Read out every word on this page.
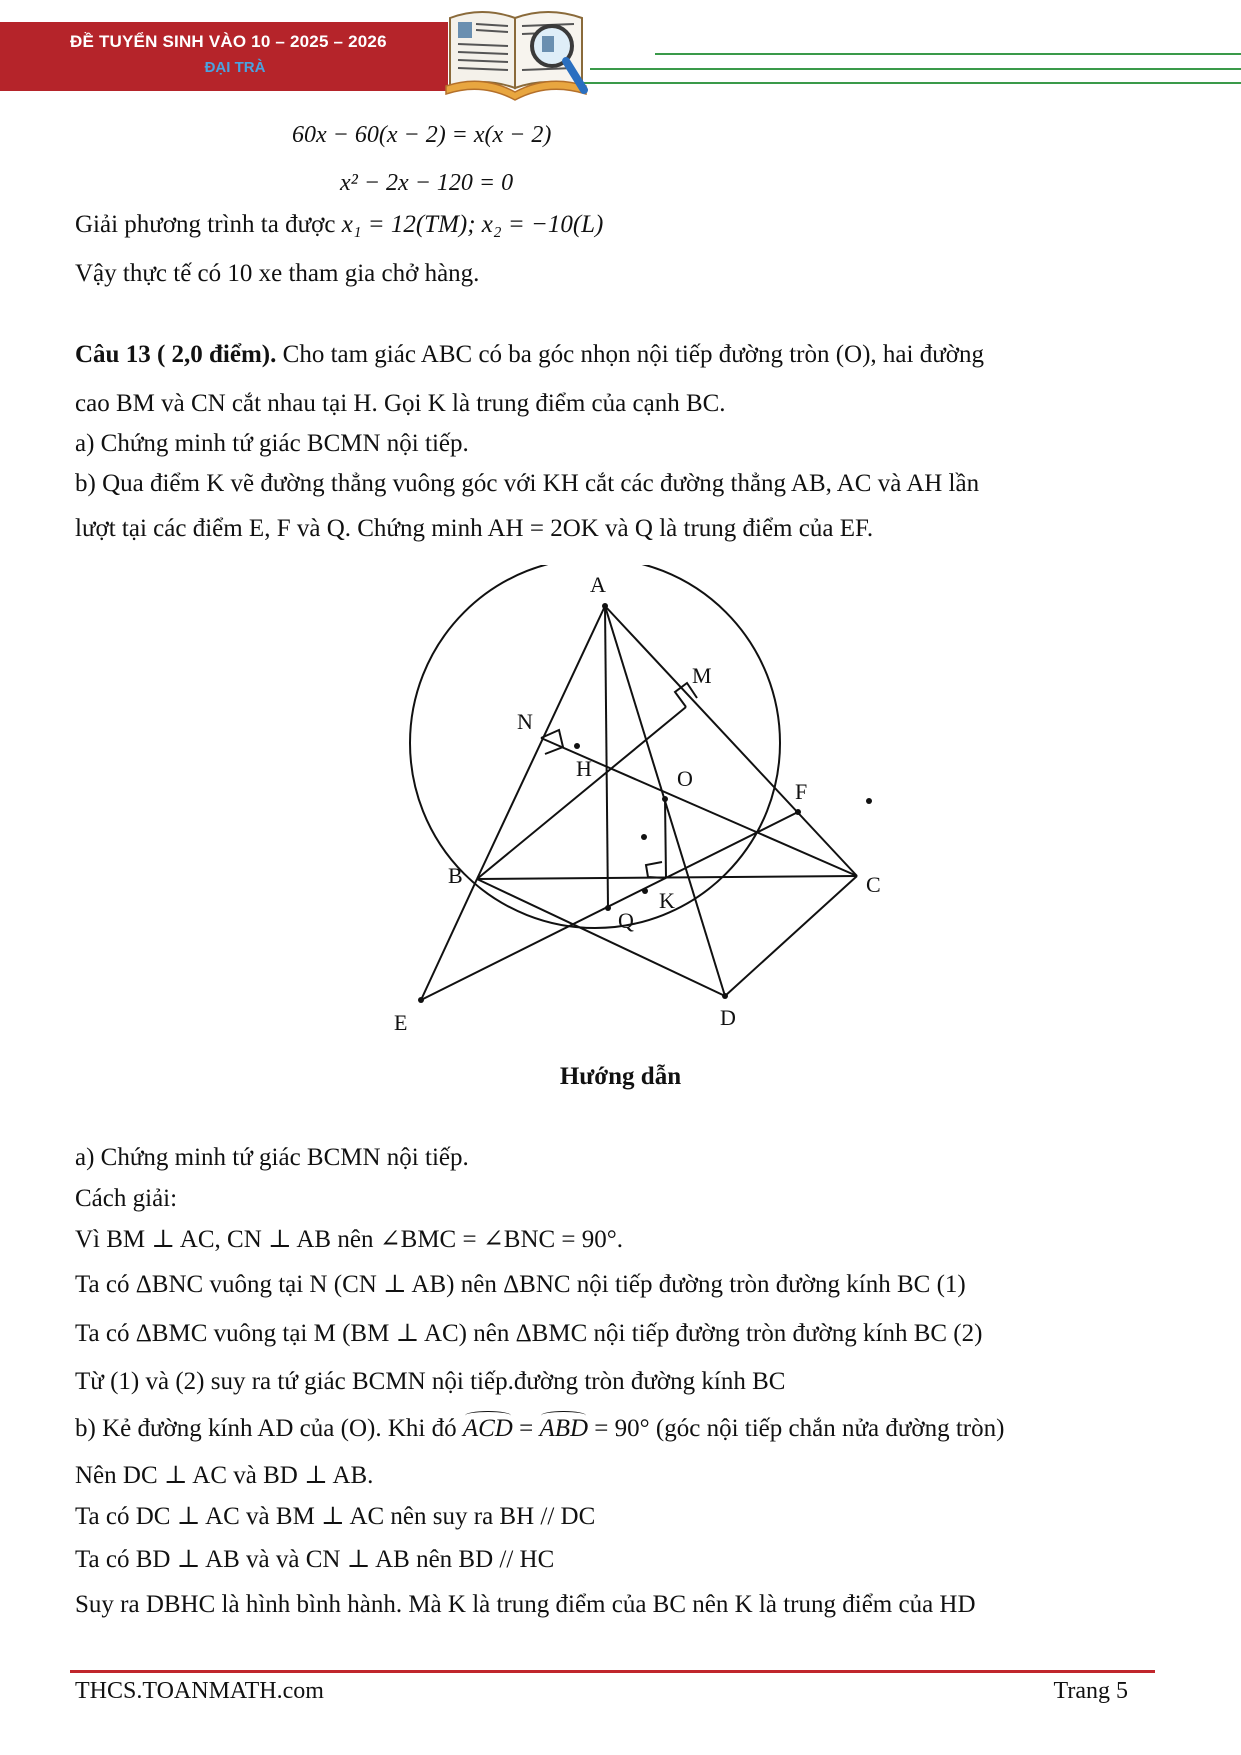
ĐỀ TUYỂN SINH VÀO 10 – 2025 – 2026
ĐẠI TRÀ
60x − 60(x − 2) = x(x − 2)
x² − 2x − 120 = 0
Giải phương trình ta được x₁ = 12(TM); x₂ = −10(L)
Vậy thực tế có 10 xe tham gia chở hàng.
Câu 13 ( 2,0 điểm). Cho tam giác ABC có ba góc nhọn nội tiếp đường tròn (O), hai đường
cao BM và CN cắt nhau tại H. Gọi K là trung điểm của cạnh BC.
a) Chứng minh tứ giác BCMN nội tiếp.
b) Qua điểm K vẽ đường thẳng vuông góc với KH cắt các đường thẳng AB, AC và AH lần
lượt tại các điểm E, F và Q. Chứng minh AH = 2OK và Q là trung điểm của EF.
A
M
N
H	O
F
B	C
K
Q
E	D
Hướng dẫn
a) Chứng minh tứ giác BCMN nội tiếp.
Cách giải:
Vì BM ⊥ AC, CN ⊥ AB nên ∠BMC = ∠BNC = 90°.
Ta có ΔBNC vuông tại N (CN ⊥ AB) nên ΔBNC nội tiếp đường tròn đường kính BC (1)
Ta có ΔBMC vuông tại M (BM ⊥ AC) nên ΔBMC nội tiếp đường tròn đường kính BC (2)
Từ (1) và (2) suy ra tứ giác BCMN nội tiếp.đường tròn đường kính BC
b) Kẻ đường kính AD của (O). Khi đó ACD = ABD = 90° (góc nội tiếp chắn nửa đường tròn)
Nên DC ⊥ AC và BD ⊥ AB.
Ta có DC ⊥ AC và BM ⊥ AC nên suy ra BH // DC
Ta có BD ⊥ AB và và CN ⊥ AB nên BD // HC
Suy ra DBHC là hình bình hành. Mà K là trung điểm của BC nên K là trung điểm của HD
THCS.TOANMATH.com	Trang 5
